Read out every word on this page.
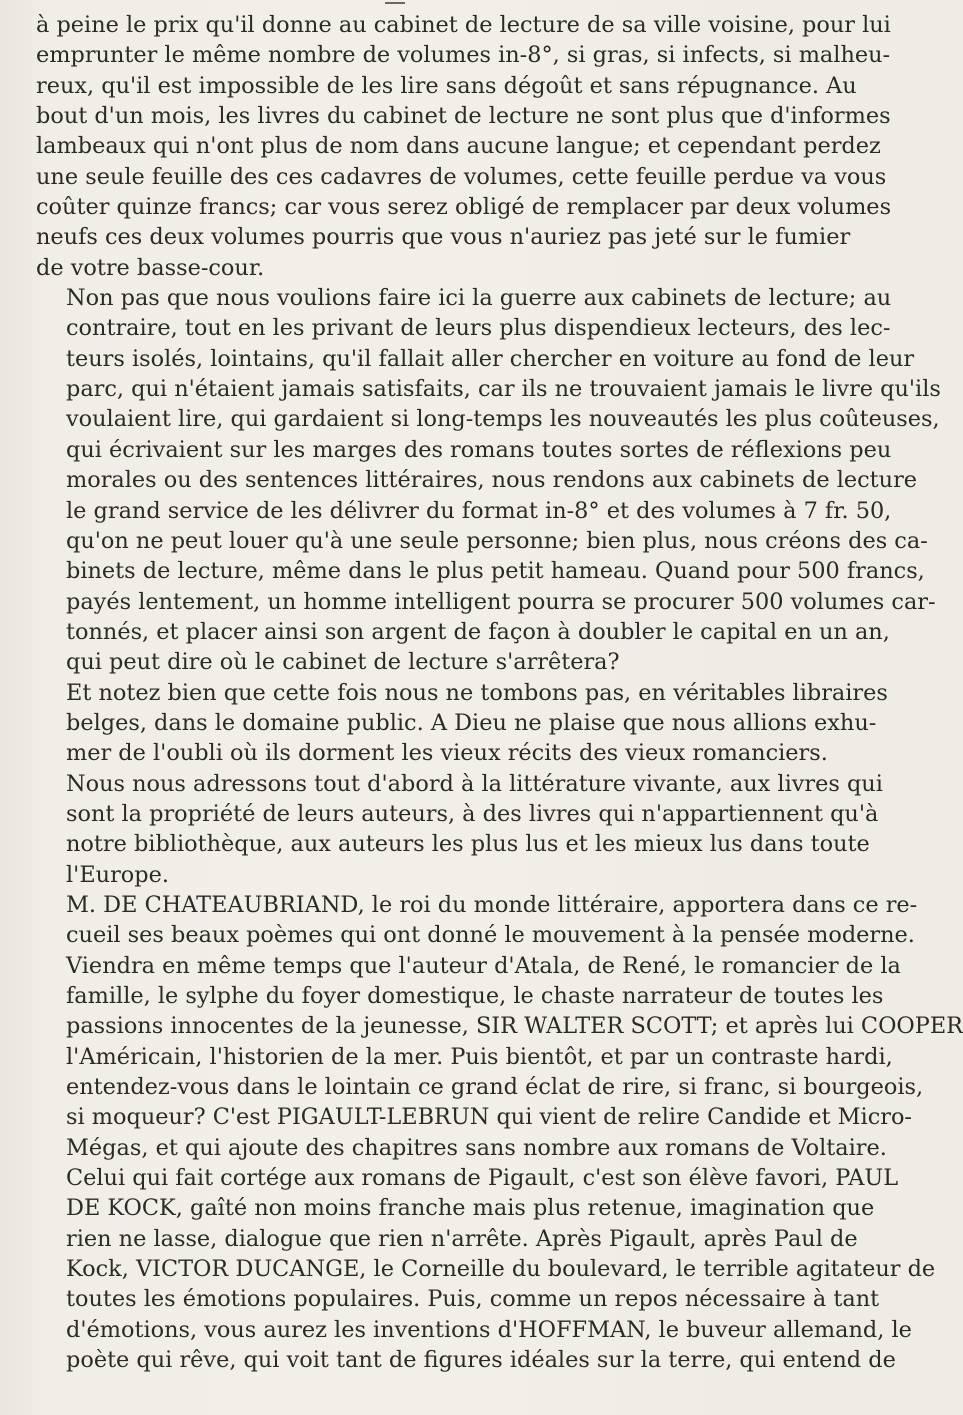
à peine le prix qu'il donne au cabinet de lecture de sa ville voisine, pour lui
emprunter le même nombre de volumes in-8°, si gras, si infects, si malheu-
reux, qu'il est impossible de les lire sans dégoût et sans répugnance. Au
bout d'un mois, les livres du cabinet de lecture ne sont plus que d'informes
lambeaux qui n'ont plus de nom dans aucune langue; et cependant perdez
une seule feuille des ces cadavres de volumes, cette feuille perdue va vous
coûter quinze francs; car vous serez obligé de remplacer par deux volumes
neufs ces deux volumes pourris que vous n'auriez pas jeté sur le fumier
de votre basse-cour.

Non pas que nous voulions faire ici la guerre aux cabinets de lecture; au
contraire, tout en les privant de leurs plus dispendieux lecteurs, des lec-
teurs isolés, lointains, qu'il fallait aller chercher en voiture au fond de leur
parc, qui n'étaient jamais satisfaits, car ils ne trouvaient jamais le livre qu'ils
voulaient lire, qui gardaient si long-temps les nouveautés les plus coûteuses,
qui écrivaient sur les marges des romans toutes sortes de réflexions peu
morales ou des sentences littéraires, nous rendons aux cabinets de lecture
le grand service de les délivrer du format in-8° et des volumes à 7 fr. 50,
qu'on ne peut louer qu'à une seule personne; bien plus, nous créons des ca-
binets de lecture, même dans le plus petit hameau. Quand pour 500 francs,
payés lentement, un homme intelligent pourra se procurer 500 volumes car-
tonnés, et placer ainsi son argent de façon à doubler le capital en un an,
qui peut dire où le cabinet de lecture s'arrêtera?

Et notez bien que cette fois nous ne tombons pas, en véritables libraires
belges, dans le domaine public. A Dieu ne plaise que nous allions exhu-
mer de l'oubli où ils dorment les vieux récits des vieux romanciers.
Nous nous adressons tout d'abord à la littérature vivante, aux livres qui
sont la propriété de leurs auteurs, à des livres qui n'appartiennent qu'à
notre bibliothèque, aux auteurs les plus lus et les mieux lus dans toute
l'Europe.

M. DE CHATEAUBRIAND, le roi du monde littéraire, apportera dans ce re-
cueil ses beaux poèmes qui ont donné le mouvement à la pensée moderne.
Viendra en même temps que l'auteur d'Atala, de René, le romancier de la
famille, le sylphe du foyer domestique, le chaste narrateur de toutes les
passions innocentes de la jeunesse, SIR WALTER SCOTT; et après lui COOPER
l'Américain, l'historien de la mer. Puis bientôt, et par un contraste hardi,
entendez-vous dans le lointain ce grand éclat de rire, si franc, si bourgeois,
si moqueur? C'est PIGAULT-LEBRUN qui vient de relire Candide et Micro-
Mégas, et qui ajoute des chapitres sans nombre aux romans de Voltaire.
Celui qui fait cortége aux romans de Pigault, c'est son élève favori, PAUL
DE KOCK, gaîté non moins franche mais plus retenue, imagination que
rien ne lasse, dialogue que rien n'arrête. Après Pigault, après Paul de
Kock, VICTOR DUCANGE, le Corneille du boulevard, le terrible agitateur de
toutes les émotions populaires. Puis, comme un repos nécessaire à tant
d'émotions, vous aurez les inventions d'HOFFMAN, le buveur allemand, le
poète qui rêve, qui voit tant de figures idéales sur la terre, qui entend de
